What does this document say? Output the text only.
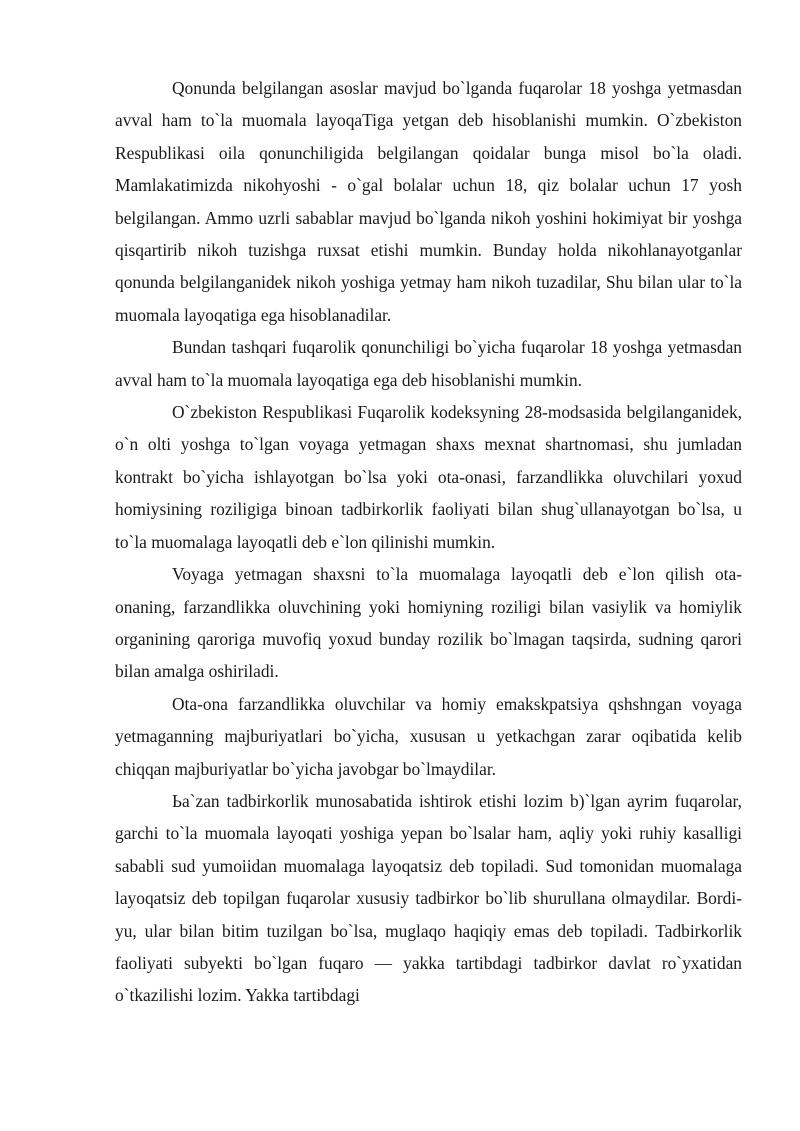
Qonunda belgilangan asoslar mavjud bo`lganda fuqarolar 18 yoshga yetmasdan avval ham to`la muomala layoqaTiga yetgan deb hisoblanishi mumkin. O`zbekiston Respublikasi oila qonunchiligida belgilangan qoidalar bunga misol bo`la oladi. Mamlakatimizda nikohyoshi - o`gal bolalar uchun 18, qiz bolalar uchun 17 yosh belgilangan. Ammo uzrli sabablar mavjud bo`lganda nikoh yoshini hokimiyat bir yoshga qisqartirib nikoh tuzishga ruxsat etishi mumkin. Bunday holda nikohlanayotganlar qonunda belgilanganidek nikoh yoshiga yetmay ham nikoh tuzadilar, Shu bilan ular to`la muomala layoqatiga ega hisoblanadilar.

Bundan tashqari fuqarolik qonunchiligi bo`yicha fuqarolar 18 yoshga yetmasdan avval ham to`la muomala layoqatiga ega deb hisoblanishi mumkin.

O`zbekiston Respublikasi Fuqarolik kodeksyning 28-modsasida belgilanganidek, o`n olti yoshga to`lgan voyaga yetmagan shaxs mexnat shartnomasi, shu jumladan kontrakt bo`yicha ishlayotgan bo`lsa yoki ota-onasi, farzandlikka oluvchilari yoxud homiysining roziligiga binoan tadbirkorlik faoliyati bilan shug`ullanayotgan bo`lsa, u to`la muomalaga layoqatli deb e`lon qilinishi mumkin.

Voyaga yetmagan shaxsni to`la muomalaga layoqatli deb e`lon qilish ota-onaning, farzandlikka oluvchining yoki homiyning roziligi bilan vasiylik va homiylik organining qaroriga muvofiq yoxud bunday rozilik bo`lmagan taqsirda, sudning qarori bilan amalga oshiriladi.

Ota-ona farzandlikka oluvchilar va homiy emakskpatsiya qshshngan voyaga yetmaganning majburiyatlari bo`yicha, xususan u yetkachgan zarar oqibatida kelib chiqqan majburiyatlar bo`yicha javobgar bo`lmaydilar.

Ьa`zan tadbirkorlik munosabatida ishtirok etishi lozim b)`lgan ayrim fuqarolar, garchi to`la muomala layoqati yoshiga yepan bo`lsalar ham, aqliy yoki ruhiy kasalligi sababli sud yumoiidan muomalaga layoqatsiz deb topiladi. Sud tomonidan muomalaga layoqatsiz deb topilgan fuqarolar xususiy tadbirkor bo`lib shurullana olmaydilar. Bordi-yu, ular bilan bitim tuzilgan bo`lsa, muglaqo haqiqiy emas deb topiladi. Tadbirkorlik faoliyati subyekti bo`lgan fuqaro — yakka tartibdagi tadbirkor davlat ro`yxatidan o`tkazilishi lozim. Yakka tartibdagi
